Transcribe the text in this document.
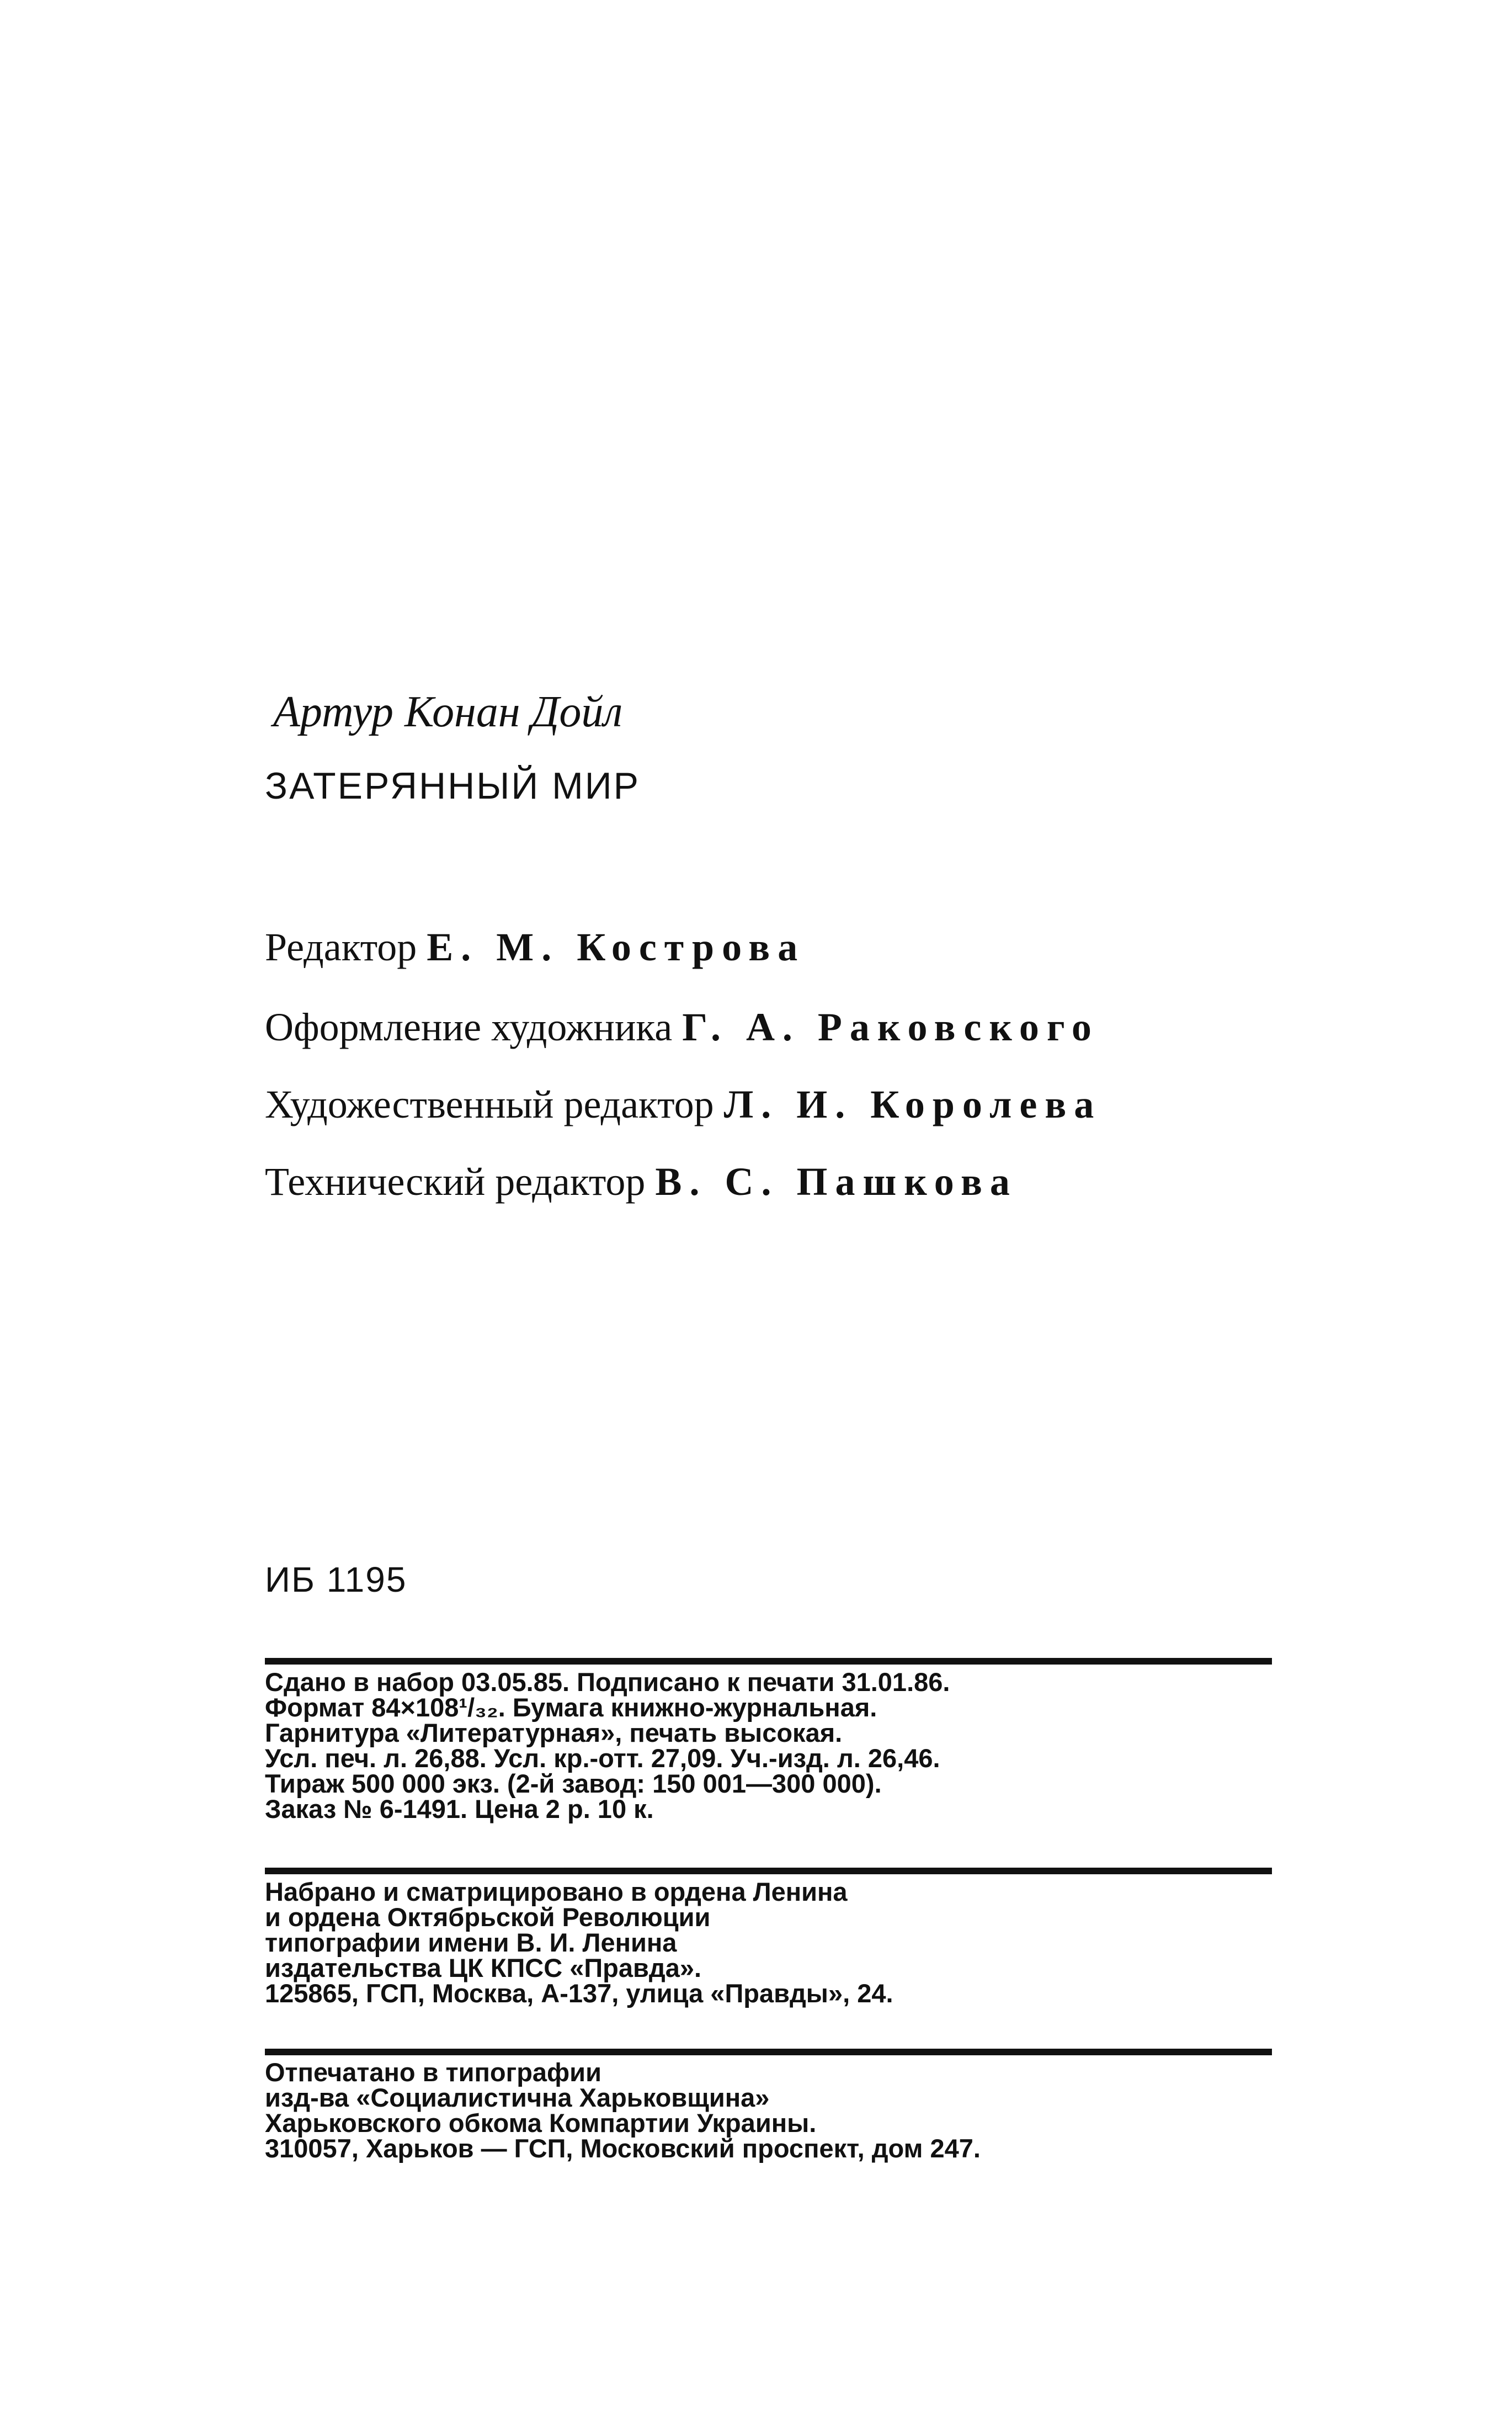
Артур Конан Дойл
ЗАТЕРЯННЫЙ МИР
Редактор Е. М. Кострова
Оформление художника Г. А. Раковского
Художественный редактор Л. И. Королева
Технический редактор В. С. Пашкова
ИБ 1195
Сдано в набор 03.05.85. Подписано к печати 31.01.86.
Формат 84×108¹/₃₂. Бумага книжно-журнальная.
Гарнитура «Литературная», печать высокая.
Усл. печ. л. 26,88. Усл. кр.-отт. 27,09. Уч.-изд. л. 26,46.
Тираж 500 000 экз. (2-й завод: 150 001—300 000).
Заказ № 6-1491. Цена 2 р. 10 к.
Набрано и сматрицировано в ордена Ленина
и ордена Октябрьской Революции
типографии имени В. И. Ленина
издательства ЦК КПСС «Правда».
125865, ГСП, Москва, А-137, улица «Правды», 24.
Отпечатано в типографии
изд-ва «Социалистична Харьковщина»
Харьковского обкома Компартии Украины.
310057, Харьков — ГСП, Московский проспект, дом 247.
